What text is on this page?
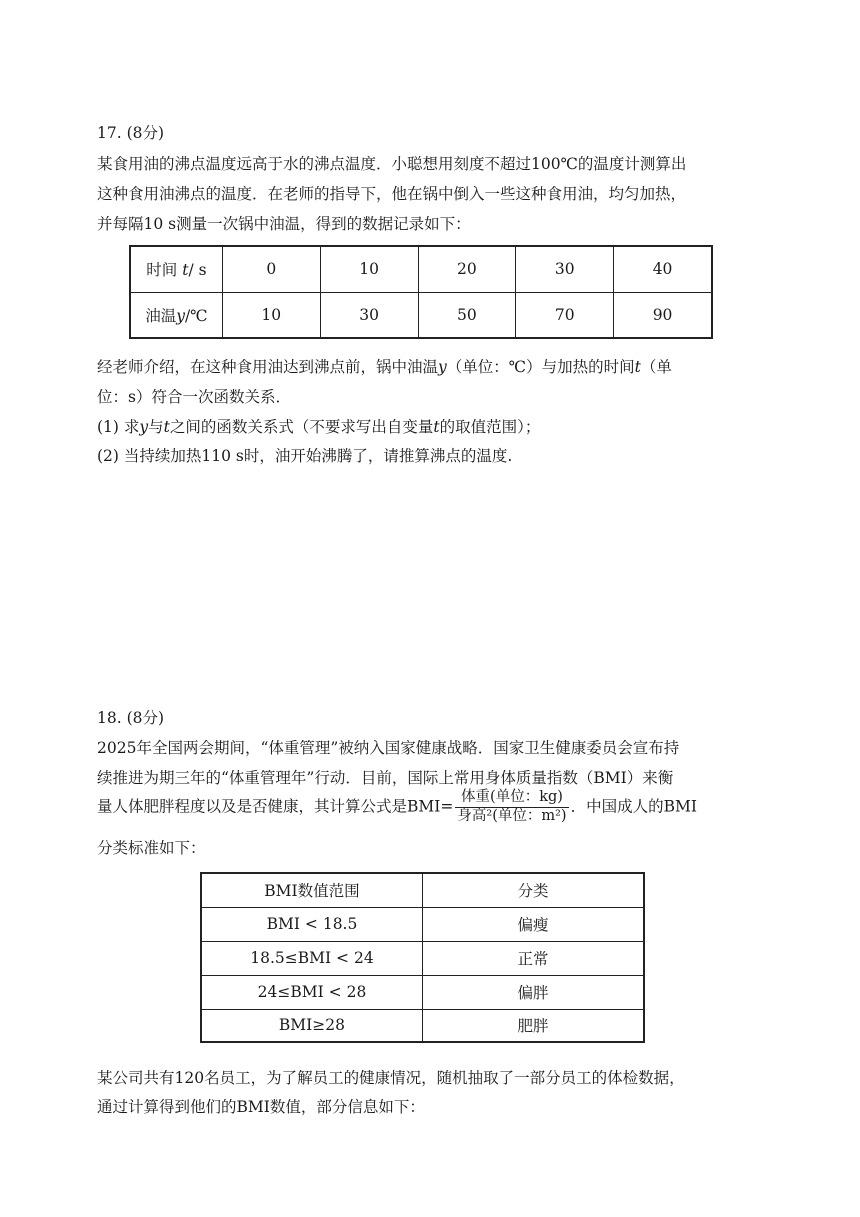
17. (8分)
某食用油的沸点温度远高于水的沸点温度．小聪想用刻度不超过100℃的温度计测算出
这种食用油沸点的温度．在老师的指导下，他在锅中倒入一些这种食用油，均匀加热，
并每隔10 s测量一次锅中油温，得到的数据记录如下：
时间 t/ s	0	10	20	30	40
油温y/℃	10	30	50	70	90
经老师介绍，在这种食用油达到沸点前，锅中油温y（单位：℃）与加热的时间t（单
位：s）符合一次函数关系．
(1) 求y与t之间的函数关系式（不要求写出自变量t的取值范围）；
(2) 当持续加热110 s时，油开始沸腾了，请推算沸点的温度.
18. (8分)
2025年全国两会期间，“体重管理”被纳入国家健康战略．国家卫生健康委员会宣布持
续推进为期三年的“体重管理年”行动．目前，国际上常用身体质量指数（BMI）来衡
量人体肥胖程度以及是否健康，其计算公式是$BMI= \frac{\text{体重(单位：kg)}}{\text{身高²(单位：m²)}}$ ．中国成人的BMI
分类标准如下：
BMI数值范围	分类
BMI < 18.5	偏瘦
18.5≤BMI < 24	正常
24≤BMI < 28	偏胖
BMI≥28	肥胖
某公司共有120名员工，为了解员工的健康情况，随机抽取了一部分员工的体检数据，
通过计算得到他们的BMI数值，部分信息如下：
